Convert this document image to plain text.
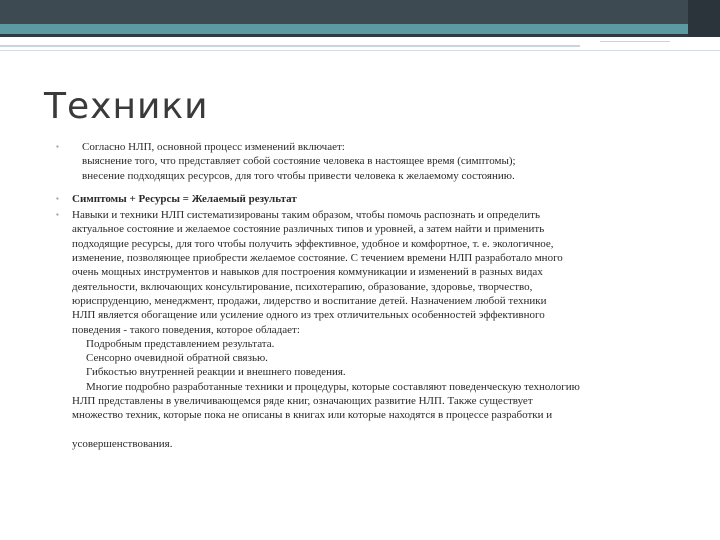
Техники
▪ Согласно НЛП, основной процесс изменений включает:
выяснение того, что представляет собой состояние человека в настоящее время (симптомы);
внесение подходящих ресурсов, для того чтобы привести человека к желаемому состоянию.
▪	Симптомы + Ресурсы = Желаемый результат
▪ Навыки и техники НЛП систематизированы таким образом, чтобы помочь распознать и определить
актуальное состояние и желаемое состояние различных типов и уровней, а затем найти и применить
подходящие ресурсы, для того чтобы получить эффективное, удобное и комфортное, т. е. экологичное,
изменение, позволяющее приобрести желаемое состояние. С течением времени НЛП разработало много
очень мощных инструментов и навыков для построения коммуникации и изменений в разных видах
деятельности, включающих консультирование, психотерапию, образование, здоровье, творчество,
юриспруденцию, менеджмент, продажи, лидерство и воспитание детей. Назначением любой техники
НЛП является обогащение или усиление одного из трех отличительных особенностей эффективного
поведения - такого поведения, которое обладает:
Подробным представлением результата.
Сенсорно очевидной обратной связью.
Гибкостью внутренней реакции и внешнего поведения.
Многие подробно разработанные техники и процедуры, которые составляют поведенческую технологию
НЛП представлены в увеличивающемся ряде книг, означающих развитие НЛП. Также существует
множество техник, которые пока не описаны в книгах или которые находятся в процессе разработки и
усовершенствования.
